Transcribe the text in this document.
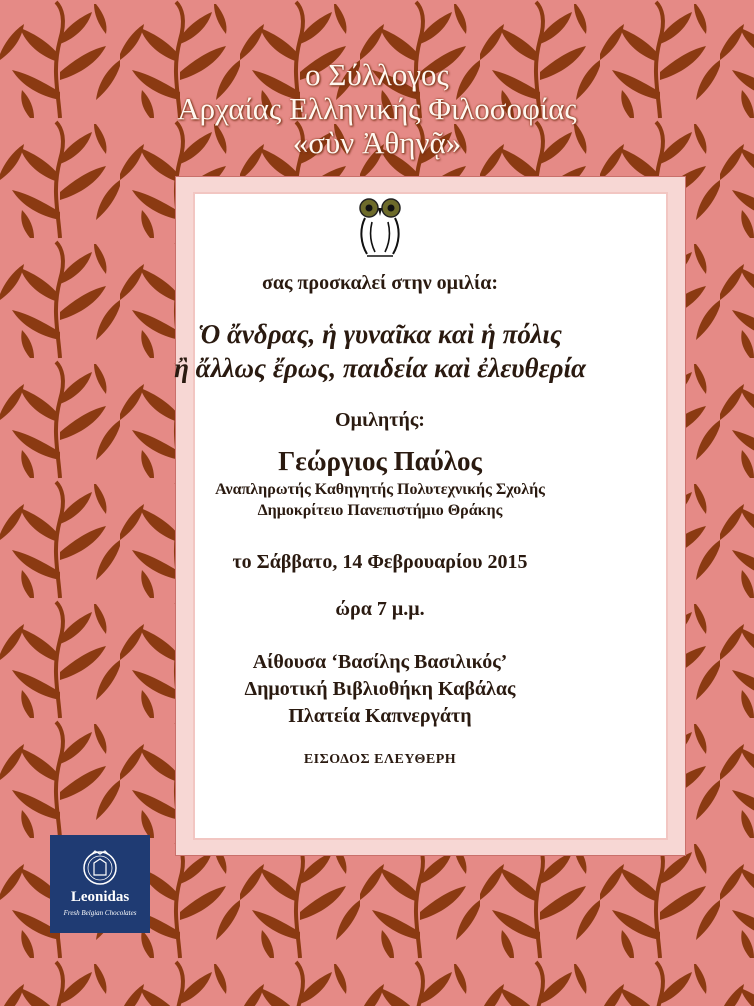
ο Σύλλογος
Αρχαίας Ελληνικής Φιλοσοφίας
«σὺν Ἀθηνᾷ»
σας προσκαλεί στην ομιλία:
Ὁ ἄνδρας, ἡ γυναῖκα καὶ ἡ πόλις
ἢ ἄλλως ἔρως, παιδεία καὶ ἐλευθερία
Ομιλητής:
Γεώργιος Παύλος
Αναπληρωτής Καθηγητής Πολυτεχνικής Σχολής
Δημοκρίτειο Πανεπιστήμιο Θράκης
το Σάββατο, 14 Φεβρουαρίου 2015
ώρα 7 μ.μ.
Αίθουσα ‘Βασίλης Βασιλικός’
Δημοτική Βιβλιοθήκη Καβάλας
Πλατεία Καπνεργάτη
ΕΙΣΟΔΟΣ ΕΛΕΥΘΕΡΗ
Leonidas
Fresh Belgian Chocolates
